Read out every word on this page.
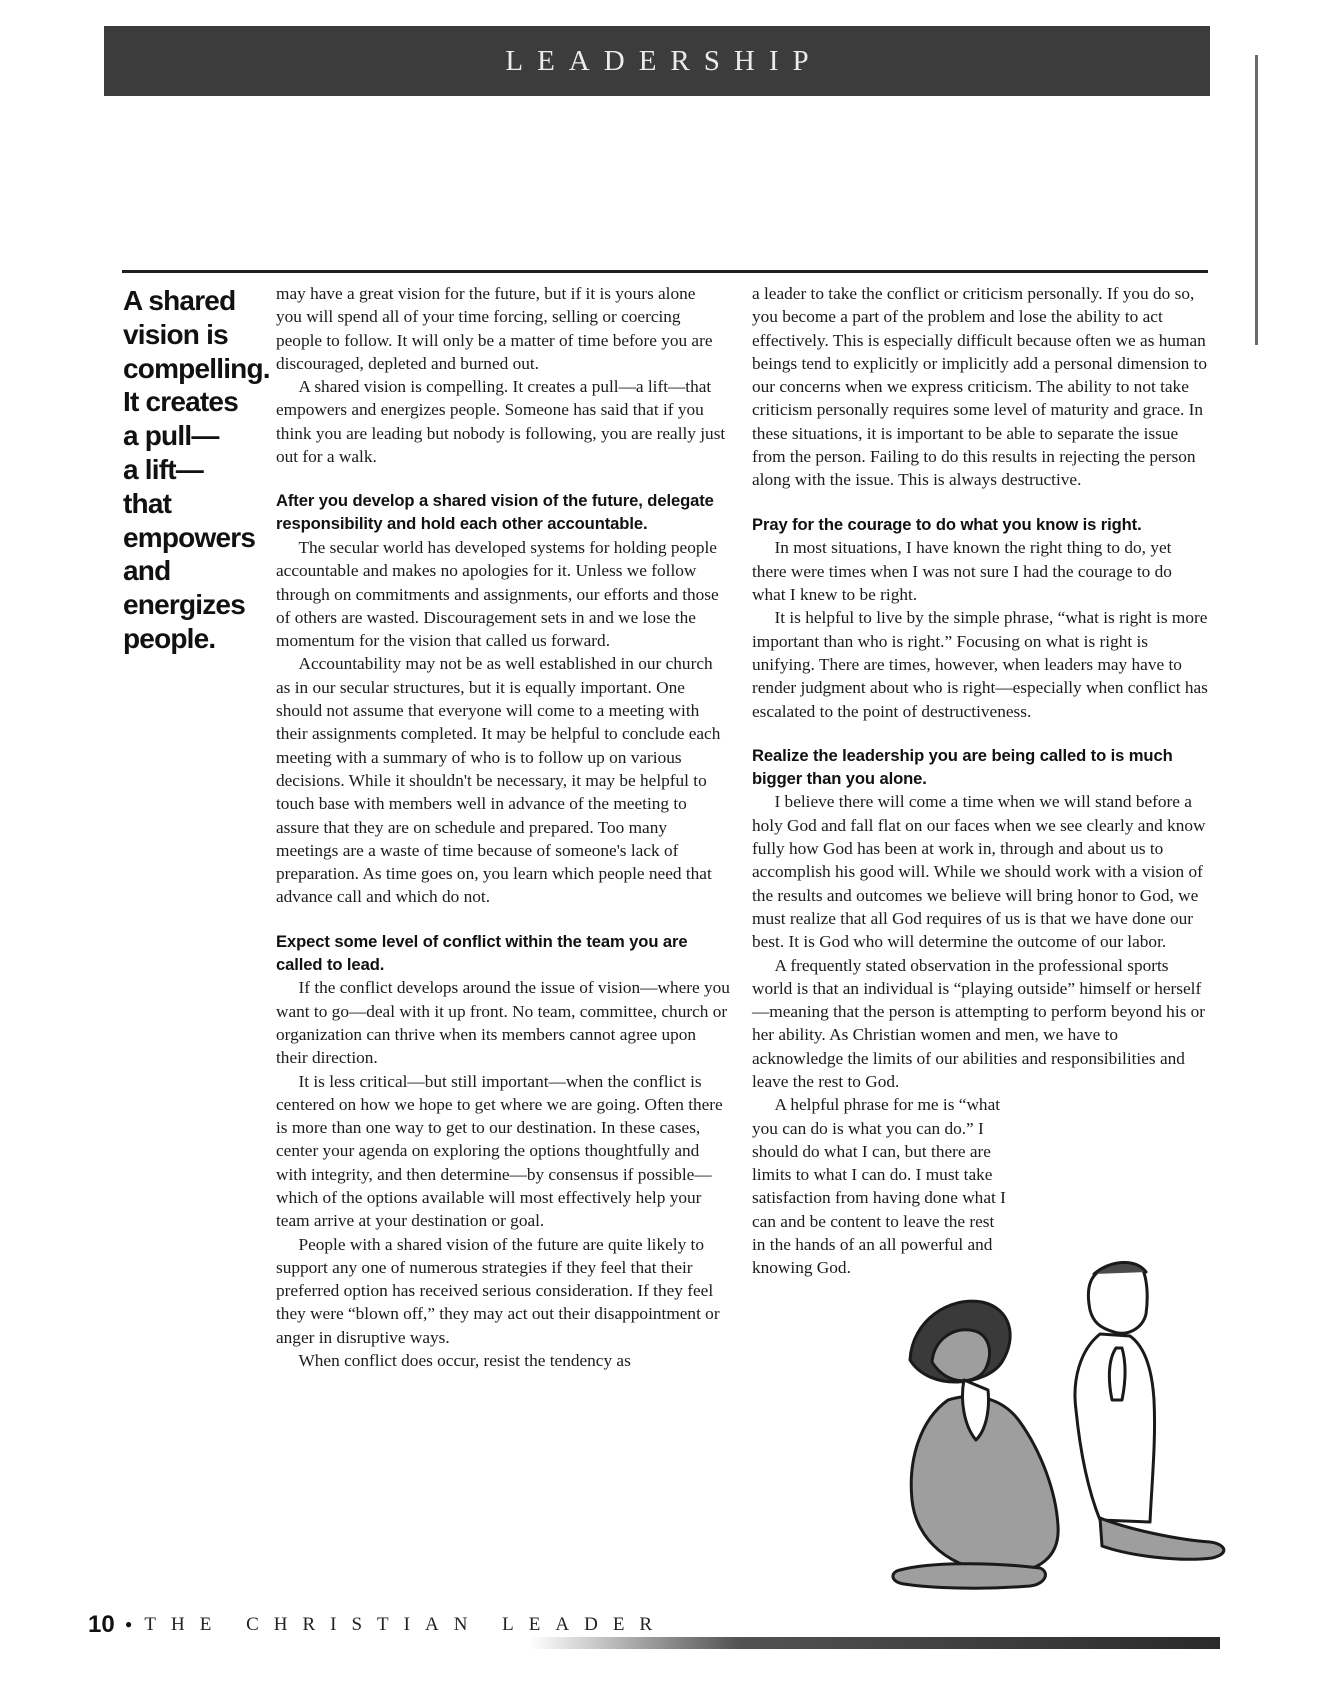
LEADERSHIP
A shared
vision is
compelling.
It creates
a pull—
a lift—
that
empowers
and
energizes
people.

may have a great vision for the future, but if it is yours alone you will spend all of your time forcing, selling or coercing people to follow. It will only be a matter of time before you are discouraged, depleted and burned out.

A shared vision is compelling. It creates a pull—a lift—that empowers and energizes people. Someone has said that if you think you are leading but nobody is following, you are really just out for a walk.

After you develop a shared vision of the future, delegate responsibility and hold each other accountable.

The secular world has developed systems for holding people accountable and makes no apologies for it. Unless we follow through on commitments and assignments, our efforts and those of others are wasted. Discouragement sets in and we lose the momentum for the vision that called us forward.

Accountability may not be as well established in our church as in our secular structures, but it is equally important. One should not assume that everyone will come to a meeting with their assignments completed. It may be helpful to conclude each meeting with a summary of who is to follow up on various decisions. While it shouldn't be necessary, it may be helpful to touch base with members well in advance of the meeting to assure that they are on schedule and prepared. Too many meetings are a waste of time because of someone's lack of preparation. As time goes on, you learn which people need that advance call and which do not.

Expect some level of conflict within the team you are called to lead.

If the conflict develops around the issue of vision—where you want to go—deal with it up front. No team, committee, church or organization can thrive when its members cannot agree upon their direction.

It is less critical—but still important—when the conflict is centered on how we hope to get where we are going. Often there is more than one way to get to our destination. In these cases, center your agenda on exploring the options thoughtfully and with integrity, and then determine—by consensus if possible—which of the options available will most effectively help your team arrive at your destination or goal.

People with a shared vision of the future are quite likely to support any one of numerous strategies if they feel that their preferred option has received serious consideration. If they feel they were “blown off,” they may act out their disappointment or anger in disruptive ways.

When conflict does occur, resist the tendency as

a leader to take the conflict or criticism personally. If you do so, you become a part of the problem and lose the ability to act effectively. This is especially difficult because often we as human beings tend to explicitly or implicitly add a personal dimension to our concerns when we express criticism. The ability to not take criticism personally requires some level of maturity and grace. In these situations, it is important to be able to separate the issue from the person. Failing to do this results in rejecting the person along with the issue. This is always destructive.

Pray for the courage to do what you know is right.

In most situations, I have known the right thing to do, yet there were times when I was not sure I had the courage to do what I knew to be right.

It is helpful to live by the simple phrase, “what is right is more important than who is right.” Focusing on what is right is unifying. There are times, however, when leaders may have to render judgment about who is right—especially when conflict has escalated to the point of destructiveness.

Realize the leadership you are being called to is much bigger than you alone.

I believe there will come a time when we will stand before a holy God and fall flat on our faces when we see clearly and know fully how God has been at work in, through and about us to accomplish his good will. While we should work with a vision of the results and outcomes we believe will bring honor to God, we must realize that all God requires of us is that we have done our best. It is God who will determine the outcome of our labor.

A frequently stated observation in the professional sports world is that an individual is “playing outside” himself or herself—meaning that the person is attempting to perform beyond his or her ability. As Christian women and men, we have to acknowledge the limits of our abilities and responsibilities and leave the rest to God.

A helpful phrase for me is “what you can do is what you can do.” I should do what I can, but there are limits to what I can do. I must take satisfaction from having done what I can and be content to leave the rest in the hands of an all powerful and knowing God.

10 • THE CHRISTIAN LEADER
